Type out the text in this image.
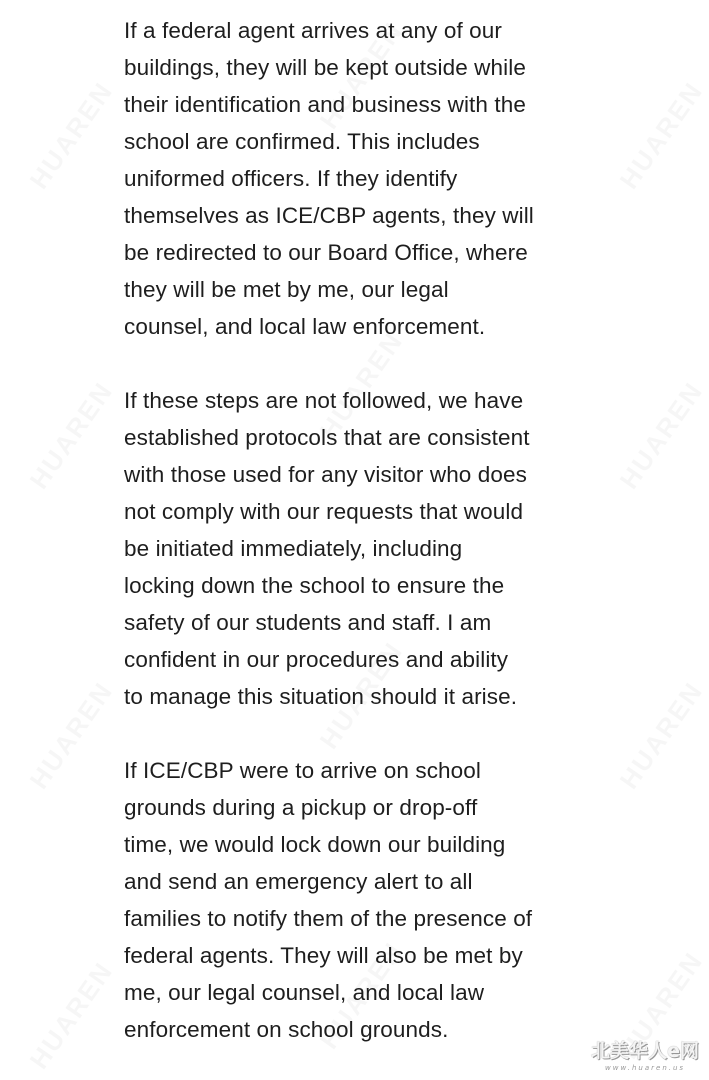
If a federal agent arrives at any of our
buildings, they will be kept outside while
their identification and business with the
school are confirmed. This includes
uniformed officers. If they identify
themselves as ICE/CBP agents, they will
be redirected to our Board Office, where
they will be met by me, our legal
counsel, and local law enforcement.

If these steps are not followed, we have
established protocols that are consistent
with those used for any visitor who does
not comply with our requests that would
be initiated immediately, including
locking down the school to ensure the
safety of our students and staff. I am
confident in our procedures and ability
to manage this situation should it arise.

If ICE/CBP were to arrive on school
grounds during a pickup or drop-off
time, we would lock down our building
and send an emergency alert to all
families to notify them of the presence of
federal agents. They will also be met by
me, our legal counsel, and local law
enforcement on school grounds.

北美华人e网
www.huaren.us
